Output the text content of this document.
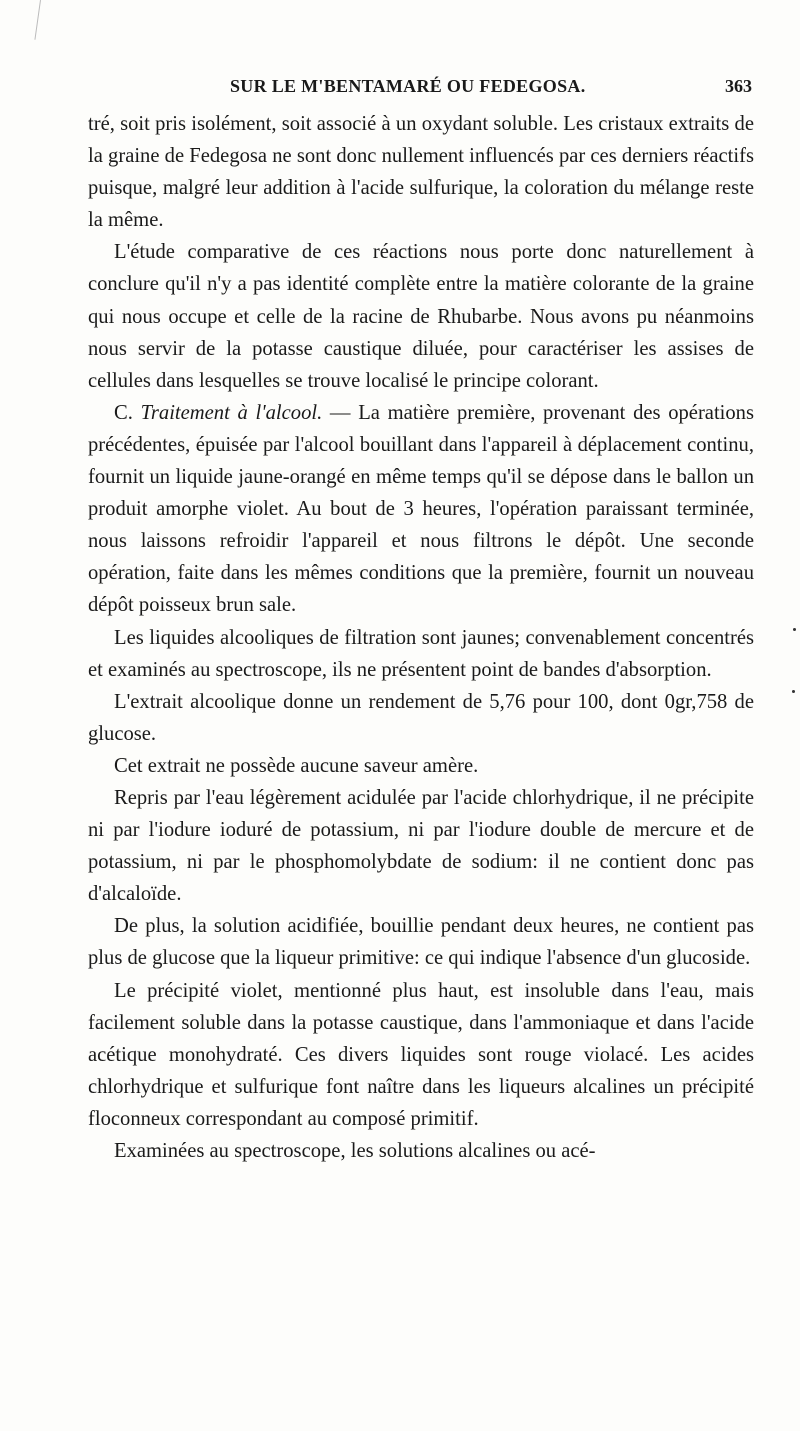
SUR LE M'BENTAMARÉ OU FEDEGOSA.	363

tré, soit pris isolément, soit associé à un oxydant soluble. Les cristaux extraits de la graine de Fedegosa ne sont donc nullement influencés par ces derniers réactifs puisque, malgré leur addition à l'acide sulfurique, la coloration du mélange reste la même.

L'étude comparative de ces réactions nous porte donc naturellement à conclure qu'il n'y a pas identité complète entre la matière colorante de la graine qui nous occupe et celle de la racine de Rhubarbe. Nous avons pu néanmoins nous servir de la potasse caustique diluée, pour caractériser les assises de cellules dans lesquelles se trouve localisé le principe colorant.

C. Traitement à l'alcool. — La matière première, provenant des opérations précédentes, épuisée par l'alcool bouillant dans l'appareil à déplacement continu, fournit un liquide jaune-orangé en même temps qu'il se dépose dans le ballon un produit amorphe violet. Au bout de 3 heures, l'opération paraissant terminée, nous laissons refroidir l'appareil et nous filtrons le dépôt. Une seconde opération, faite dans les mêmes conditions que la première, fournit un nouveau dépôt poisseux brun sale.

Les liquides alcooliques de filtration sont jaunes; convenablement concentrés et examinés au spectroscope, ils ne présentent point de bandes d'absorption.

L'extrait alcoolique donne un rendement de 5,76 pour 100, dont 0gr,758 de glucose.

Cet extrait ne possède aucune saveur amère.

Repris par l'eau légèrement acidulée par l'acide chlorhydrique, il ne précipite ni par l'iodure ioduré de potassium, ni par l'iodure double de mercure et de potassium, ni par le phosphomolybdate de sodium: il ne contient donc pas d'alcaloïde.

De plus, la solution acidifiée, bouillie pendant deux heures, ne contient pas plus de glucose que la liqueur primitive: ce qui indique l'absence d'un glucoside.

Le précipité violet, mentionné plus haut, est insoluble dans l'eau, mais facilement soluble dans la potasse caustique, dans l'ammoniaque et dans l'acide acétique monohydraté. Ces divers liquides sont rouge violacé. Les acides chlorhydrique et sulfurique font naître dans les liqueurs alcalines un précipité floconneux correspondant au composé primitif.

Examinées au spectroscope, les solutions alcalines ou acé-
